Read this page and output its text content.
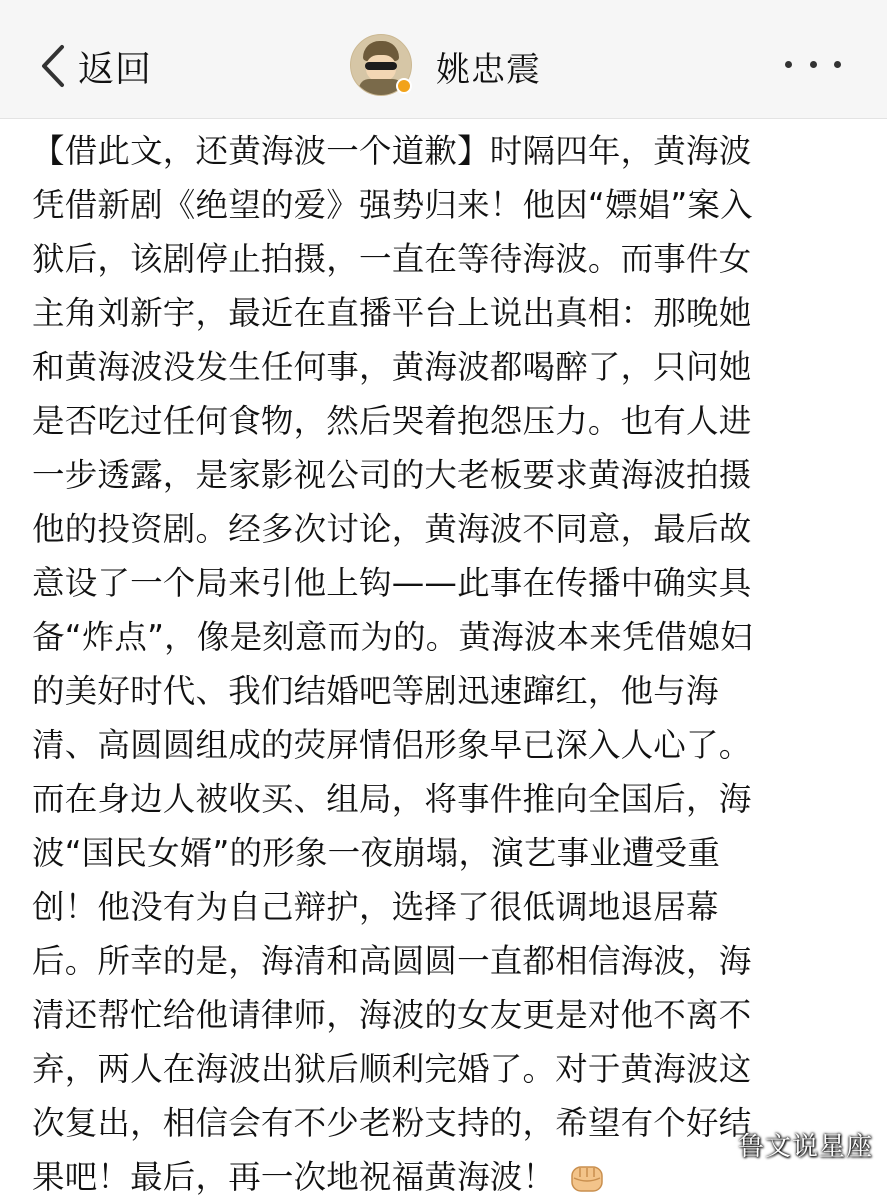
返回	姚忠震
【借此文，还黄海波一个道歉】时隔四年，黄海波
凭借新剧《绝望的爱》强势归来！他因“嫖娼”案入
狱后，该剧停止拍摄，一直在等待海波。而事件女
主角刘新宇，最近在直播平台上说出真相：那晚她
和黄海波没发生任何事，黄海波都喝醉了，只问她
是否吃过任何食物，然后哭着抱怨压力。也有人进
一步透露，是家影视公司的大老板要求黄海波拍摄
他的投资剧。经多次讨论，黄海波不同意，最后故
意设了一个局来引他上钩——此事在传播中确实具
备“炸点”，像是刻意而为的。黄海波本来凭借媳妇
的美好时代、我们结婚吧等剧迅速蹿红，他与海
清、高圆圆组成的荧屏情侣形象早已深入人心了。
而在身边人被收买、组局，将事件推向全国后，海
波“国民女婿”的形象一夜崩塌，演艺事业遭受重
创！他没有为自己辩护，选择了很低调地退居幕
后。所幸的是，海清和高圆圆一直都相信海波，海
清还帮忙给他请律师，海波的女友更是对他不离不
弃，两人在海波出狱后顺利完婚了。对于黄海波这
次复出，相信会有不少老粉支持的，希望有个好结
果吧！最后，再一次地祝福黄海波！
鲁文说星座
